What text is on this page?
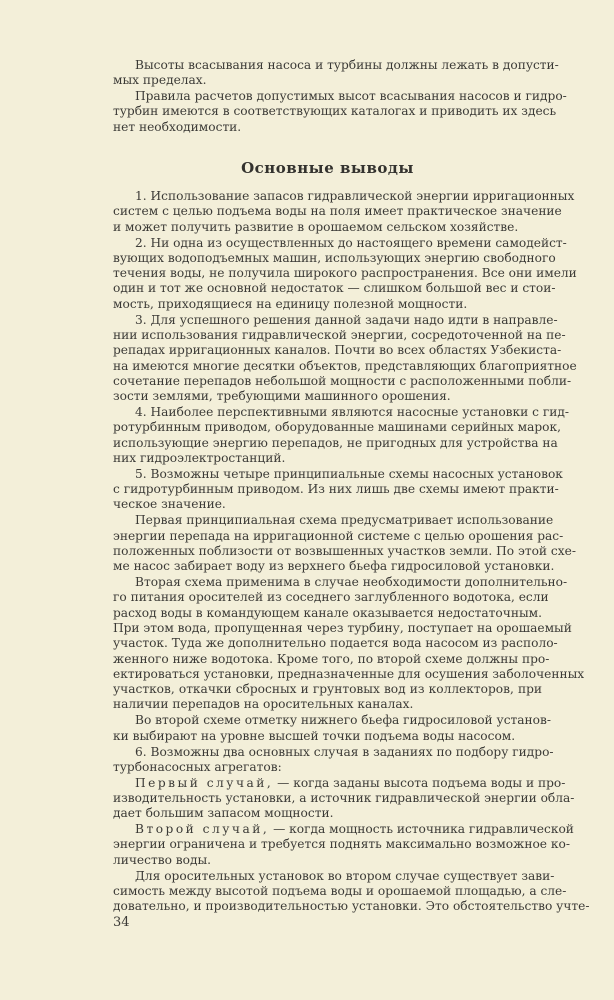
Высоты всасывания насоса и турбины должны лежать в допусти-
мых пределах.
Правила расчетов допустимых высот всасывания насосов и гидро-
турбин имеются в соответствующих каталогах и приводить их здесь
нет необходимости.
Основные выводы
1. Использование запасов гидравлической энергии ирригационных
систем с целью подъема воды на поля имеет практическое значение
и может получить развитие в орошаемом сельском хозяйстве.
2. Ни одна из осуществленных до настоящего времени самодейст-
вующих водоподъемных машин, использующих энергию свободного
течения воды, не получила широкого распространения. Все они имели
один и тот же основной недостаток — слишком большой вес и стои-
мость, приходящиеся на единицу полезной мощности.
3. Для успешного решения данной задачи надо идти в направле-
нии использования гидравлической энергии, сосредоточенной на пе-
репадах ирригационных каналов. Почти во всех областях Узбекиста-
на имеются многие десятки объектов, представляющих благоприятное
сочетание перепадов небольшой мощности с расположенными побли-
зости землями, требующими машинного орошения.
4. Наиболее перспективными являются насосные установки с гид-
ротурбинным приводом, оборудованные машинами серийных марок,
использующие энергию перепадов, не пригодных для устройства на
них гидроэлектростанций.
5. Возможны четыре принципиальные схемы насосных установок
с гидротурбинным приводом. Из них лишь две схемы имеют практи-
ческое значение.
Первая принципиальная схема предусматривает использование
энергии перепада на ирригационной системе с целью орошения рас-
положенных поблизости от возвышенных участков земли. По этой схе-
ме насос забирает воду из верхнего бьефа гидросиловой установки.
Вторая схема применима в случае необходимости дополнительно-
го питания оросителей из соседнего заглубленного водотока, если
расход воды в командующем канале оказывается недостаточным.
При этом вода, пропущенная через турбину, поступает на орошаемый
участок. Туда же дополнительно подается вода насосом из располо-
женного ниже водотока. Кроме того, по второй схеме должны про-
ектироваться установки, предназначенные для осушения заболоченных
участков, откачки сбросных и грунтовых вод из коллекторов, при
наличии перепадов на оросительных каналах.
Во второй схеме отметку нижнего бьефа гидросиловой установ-
ки выбирают на уровне высшей точки подъема воды насосом.
6. Возможны два основных случая в заданиях по подбору гидро-
турбонасосных агрегатов:
Первый случай, — когда заданы высота подъема воды и про-
изводительность установки, а источник гидравлической энергии обла-
дает большим запасом мощности.
Второй случай, — когда мощность источника гидравлической
энергии ограничена и требуется поднять максимально возможное ко-
личество воды.
Для оросительных установок во втором случае существует зави-
симость между высотой подъема воды и орошаемой площадью, а сле-
довательно, и производительностью установки. Это обстоятельство учте-
34
